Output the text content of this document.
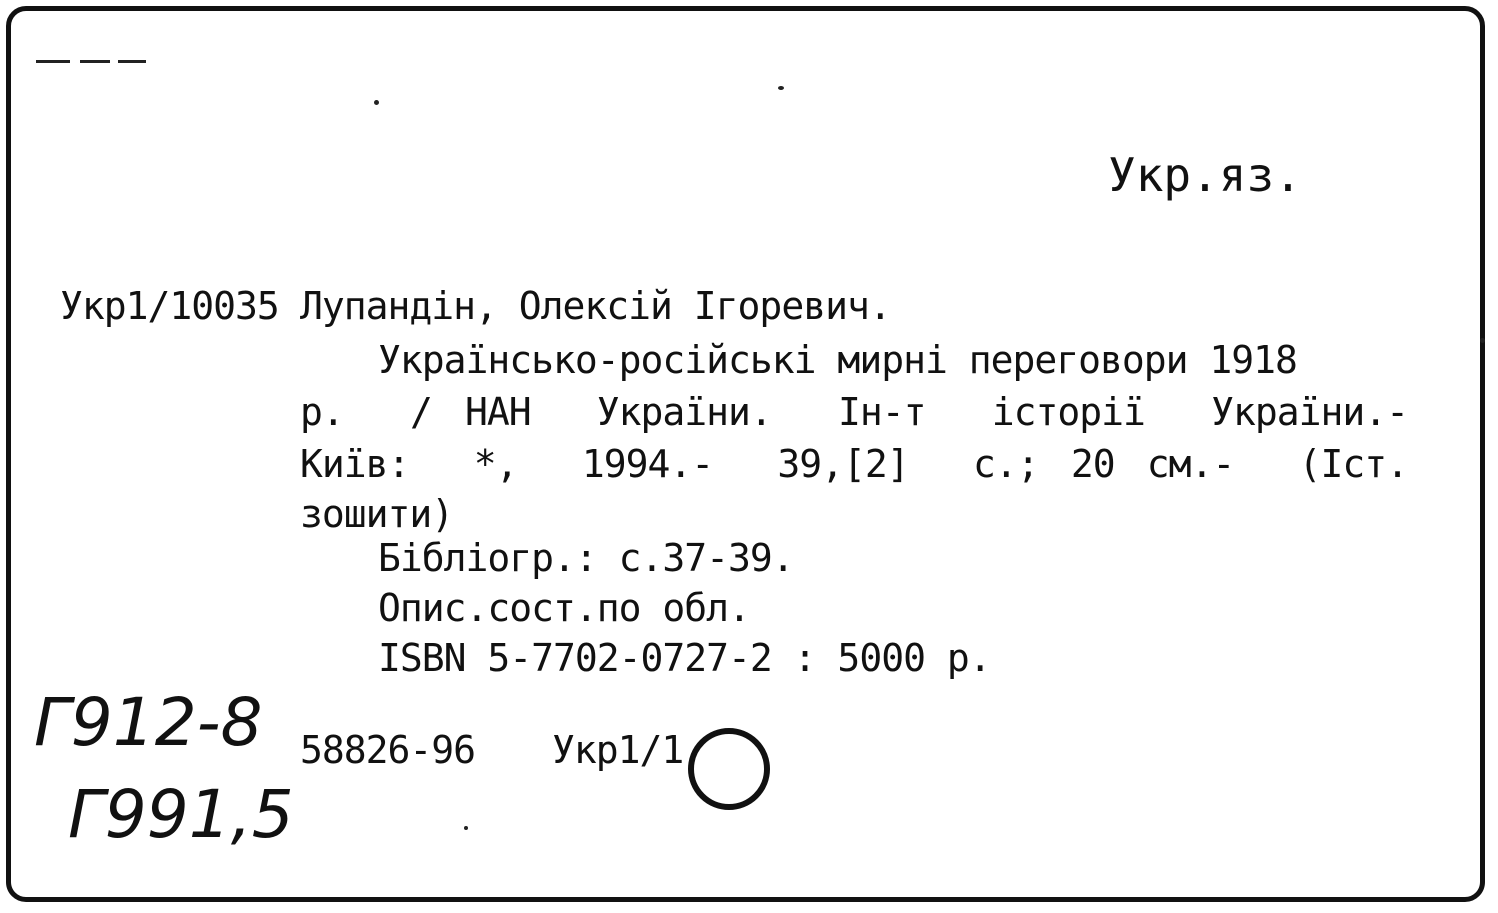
Укр.яз.
Укр1/10035 Лупандін, Олексій Ігоревич.
Українсько-російські мирні переговори 1918
р.  / НАН  України.  Ін-т  історії  України.-
Київ:  *,  1994.-  39,[2]  с.; 20 см.-  (Іст.
зошити)
Бібліогр.: с.37-39.
Опис.сост.по обл.
ISBN 5-7702-0727-2 : 5000 р.
58826-96 Укр1/1
Г912-8
Г991,5
